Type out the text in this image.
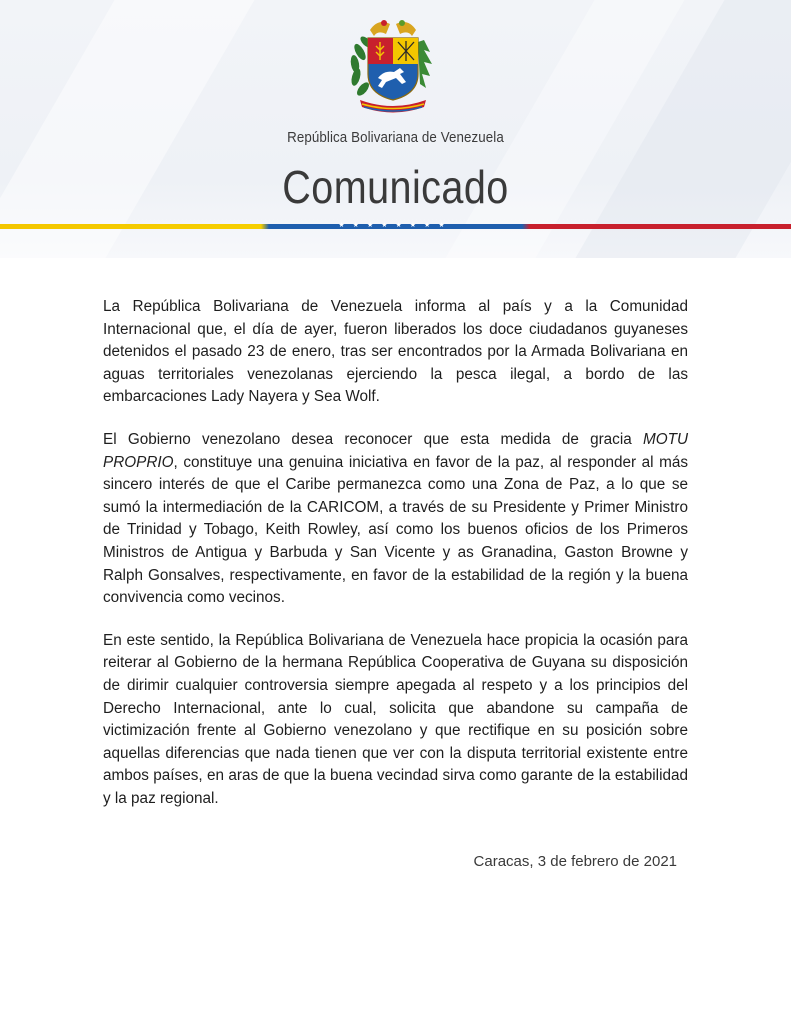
República Bolivariana de Venezuela
Comunicado
★★★★★★★★

La República Bolivariana de Venezuela informa al país y a la Comunidad Internacional que, el día de ayer, fueron liberados los doce ciudadanos guyaneses detenidos el pasado 23 de enero, tras ser encontrados por la Armada Bolivariana en aguas territoriales venezolanas ejerciendo la pesca ilegal, a bordo de las embarcaciones Lady Nayera y Sea Wolf.

El Gobierno venezolano desea reconocer que esta medida de gracia MOTU PROPRIO, constituye una genuina iniciativa en favor de la paz, al responder al más sincero interés de que el Caribe permanezca como una Zona de Paz, a lo que se sumó la intermediación de la CARICOM, a través de su Presidente y Primer Ministro de Trinidad y Tobago, Keith Rowley, así como los buenos oficios de los Primeros Ministros de Antigua y Barbuda y San Vicente y as Granadina, Gaston Browne y Ralph Gonsalves, respectivamente, en favor de la estabilidad de la región y la buena convivencia como vecinos.

En este sentido, la República Bolivariana de Venezuela hace propicia la ocasión para reiterar al Gobierno de la hermana República Cooperativa de Guyana su disposición de dirimir cualquier controversia siempre apegada al respeto y a los principios del Derecho Internacional, ante lo cual, solicita que abandone su campaña de victimización frente al Gobierno venezolano y que rectifique en su posición sobre aquellas diferencias que nada tienen que ver con la disputa territorial existente entre ambos países, en aras de que la buena vecindad sirva como garante de la estabilidad y la paz regional.

Caracas, 3 de febrero de 2021
